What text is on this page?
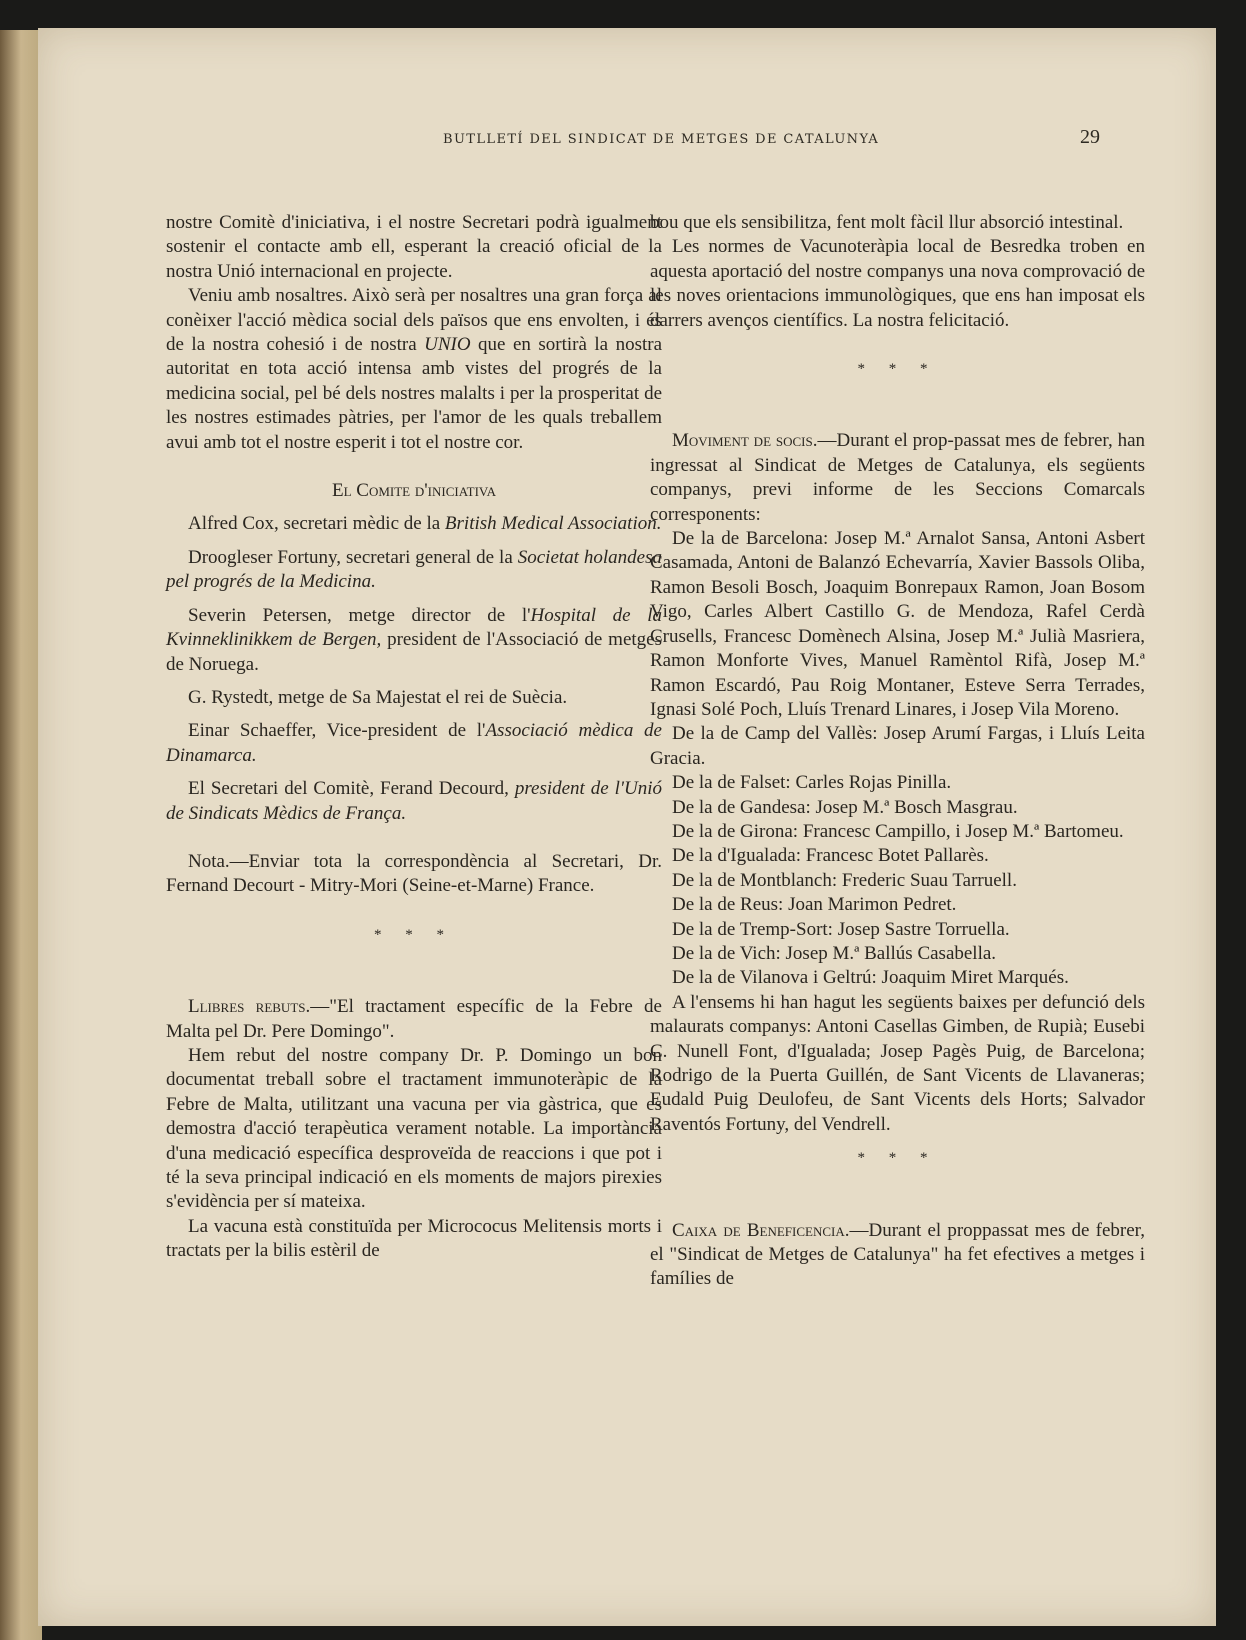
BUTLLETÍ DEL SINDICAT DE METGES DE CATALUNYA	29

nostre Comitè d'iniciativa, i el nostre Secretari podrà igualment sostenir el contacte amb ell, esperant la creació oficial de la nostra Unió internacional en projecte.

Veniu amb nosaltres. Això serà per nosaltres una gran força al conèixer l'acció mèdica social dels països que ens envolten, i és de la nostra cohesió i de nostra UNIO que en sortirà la nostra autoritat en tota acció intensa amb vistes del progrés de la medicina social, pel bé dels nostres malalts i per la prosperitat de les nostres estimades pàtries, per l'amor de les quals treballem avui amb tot el nostre esperit i tot el nostre cor.

El Comite d'iniciativa

Alfred Cox, secretari mèdic de la British Medical Association.

Droogleser Fortuny, secretari general de la Societat holandesa pel progrés de la Medicina.

Severin Petersen, metge director de l'Hospital de la Kvinneklinikkem de Bergen, president de l'Associació de metges de Noruega.

G. Rystedt, metge de Sa Majestat el rei de Suècia.

Einar Schaeffer, Vice-president de l'Associació mèdica de Dinamarca.

El Secretari del Comitè, Ferand Decourd, president de l'Unió de Sindicats Mèdics de França.

Nota.—Enviar tota la correspondència al Secretari, Dr. Fernand Decourt - Mitry-Mori (Seine-et-Marne) France.

* * *

Llibres rebuts.—"El tractament específic de la Febre de Malta pel Dr. Pere Domingo".

Hem rebut del nostre company Dr. P. Domingo un bon documentat treball sobre el tractament immunoteràpic de la Febre de Malta, utilitzant una vacuna per via gàstrica, que es demostra d'acció terapèutica verament notable. La importància d'una medicació específica desproveïda de reaccions i que pot i té la seva principal indicació en els moments de majors pirexies s'evidència per sí mateixa.

La vacuna està constituïda per Micrococus Melitensis morts i tractats per la bilis estèril de

bou que els sensibilitza, fent molt fàcil llur absorció intestinal.

Les normes de Vacunoteràpia local de Besredka troben en aquesta aportació del nostre companys una nova comprovació de les noves orientacions immunològiques, que ens han imposat els darrers avenços científics. La nostra felicitació.

* * *

Moviment de socis.—Durant el prop-passat mes de febrer, han ingressat al Sindicat de Metges de Catalunya, els següents companys, previ informe de les Seccions Comarcals corresponents:

De la de Barcelona: Josep M.ª Arnalot Sansa, Antoni Asbert Casamada, Antoni de Balanzó Echevarría, Xavier Bassols Oliba, Ramon Besoli Bosch, Joaquim Bonrepaux Ramon, Joan Bosom Vigo, Carles Albert Castillo G. de Mendoza, Rafel Cerdà Crusells, Francesc Domènech Alsina, Josep M.ª Julià Masriera, Ramon Monforte Vives, Manuel Ramèntol Rifà, Josep M.ª Ramon Escardó, Pau Roig Montaner, Esteve Serra Terrades, Ignasi Solé Poch, Lluís Trenard Linares, i Josep Vila Moreno.

De la de Camp del Vallès: Josep Arumí Fargas, i Lluís Leita Gracia.

De la de Falset: Carles Rojas Pinilla.

De la de Gandesa: Josep M.ª Bosch Masgrau.

De la de Girona: Francesc Campillo, i Josep M.ª Bartomeu.

De la d'Igualada: Francesc Botet Pallarès.

De la de Montblanch: Frederic Suau Tarruell.

De la de Reus: Joan Marimon Pedret.

De la de Tremp-Sort: Josep Sastre Torruella.

De la de Vich: Josep M.ª Ballús Casabella.

De la de Vilanova i Geltrú: Joaquim Miret Marqués.

A l'ensems hi han hagut les següents baixes per defunció dels malaurats companys: Antoni Casellas Gimben, de Rupià; Eusebi C. Nunell Font, d'Igualada; Josep Pagès Puig, de Barcelona; Rodrigo de la Puerta Guillén, de Sant Vicents de Llavaneras; Eudald Puig Deulofeu, de Sant Vicents dels Horts; Salvador Raventós Fortuny, del Vendrell.

* * *

Caixa de Beneficencia.—Durant el proppassat mes de febrer, el "Sindicat de Metges de Catalunya" ha fet efectives a metges i famílies de
